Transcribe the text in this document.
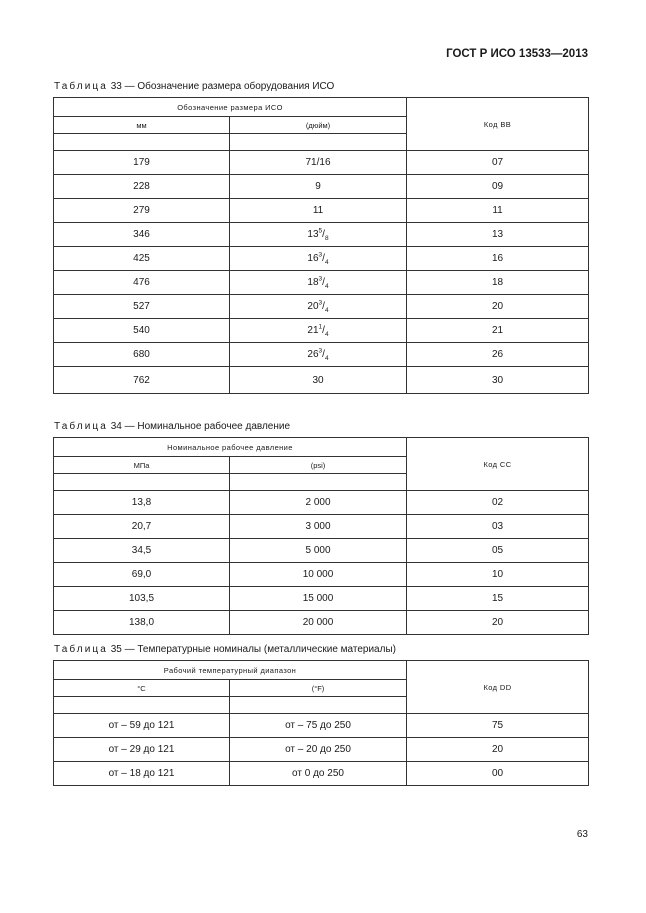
ГОСТ Р ИСО 13533—2013
Таблица 33 — Обозначение размера оборудования ИСО
Обозначение размера ИСО		Код ВВ
мм	(дюйм)	

179	71/16	07
228	9	09
279	11	11
346	$13^5/_8$	13
425	$16^3/_4$	16
476	$18^3/_4$	18
527	$20^3/_4$	20
540	$21^1/_4$	21
680	$26^3/_4$	26
762	30	30
Таблица 34 — Номинальное рабочее давление
Номинальное рабочее давление		Код СС
МПа	(psi)	

13,8	2 000	02
20,7	3 000	03
34,5	5 000	05
69,0	10 000	10
103,5	15 000	15
138,0	20 000	20
Таблица 35 — Температурные номиналы (металлические материалы)
Рабочий температурный диапазон		Код DD
°C	(°F)	

от – 59 до 121	от – 75 до 250	75
от – 29 до 121	от – 20 до 250	20
от – 18 до 121	от 0 до 250	00
63
